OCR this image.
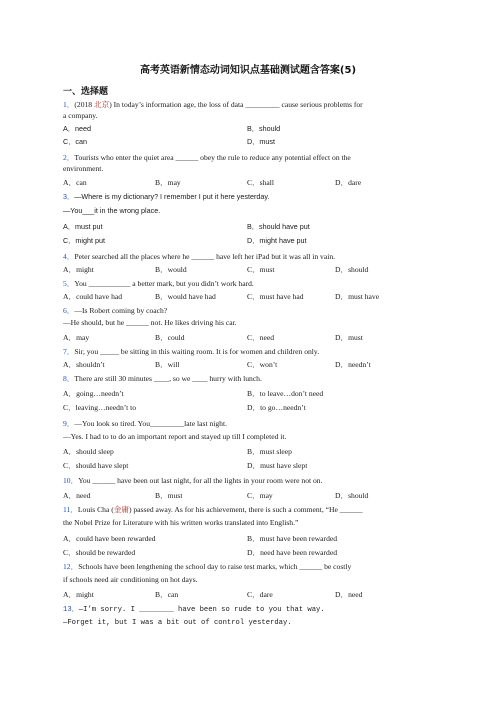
高考英语新情态动词知识点基础测试题含答案(5)
一、选择题
1．(2018 北京) In today’s information age, the loss of data _________ cause serious problems for
a company.
A．need	B．should
C．can	D．must
2．Tourists who enter the quiet area ______ obey the rule to reduce any potential effect on the
environment.
A．can	B．may	C．shall	D．dare
3．—Where is my dictionary? I remember I put it here yesterday.
—You___it in the wrong place.
A．must put	B．should have put
C．might put	D．might have put
4．Peter searched all the places where he ______ have left her iPad but it was all in vain.
A．might	B．would	C．must	D．should
5．You ___________ a better mark, but you didn’t work hard.
A．could have had	B．would have had	C．must have had	D．must have
6．—Is Robert coming by coach?
—He should, but he ______ not. He likes driving his car.
A．may	B．could	C．need	D．must
7．Sir, you _____ be sitting in this waiting room. It is for women and children only.
A．shouldn’t	B．will	C．won’t	D．needn’t
8．There are still 30 minutes ____, so we ____ hurry with lunch.
A．going…needn’t	B．to leave…don’t need
C．leaving…needn’t to	D．to go…needn’t
9．—You look so tired. You_________late last night.
—Yes. I had to to do an important report and stayed up till I completed it.
A．should sleep	B．must sleep
C．should have slept	D．must have slept
10．You ______ have been out last night, for all the lights in your room were not on.
A．need	B．must	C．may	D．should
11．Louis Cha (金庸) passed away. As for his achievement, there is such a comment, “He ______
the Nobel Prize for Literature with his written works translated into English.”
A．could have been rewarded	B．must have been rewarded
C．should be rewarded	D．need have been rewarded
12．Schools have been lengthening the school day to raise test marks, which ______ be costly
if schools need air conditioning on hot days.
A．might	B．can	C．dare	D．need
13．—I’m sorry. I ________ have been so rude to you that way.
—Forget it, but I was a bit out of control yesterday.
